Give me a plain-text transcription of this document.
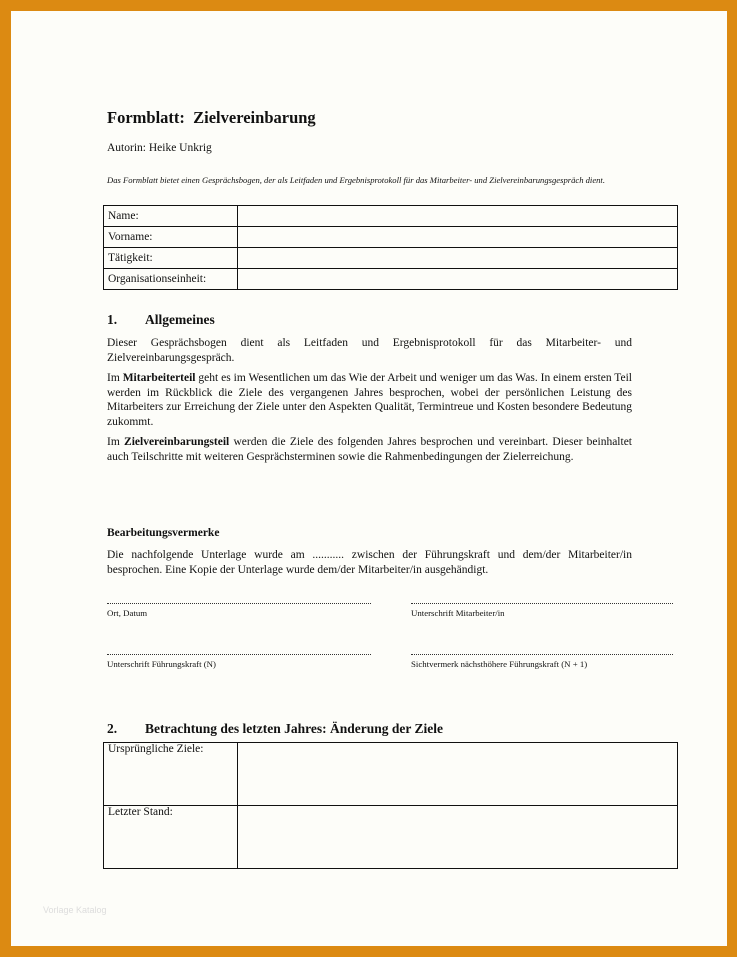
Formblatt:  Zielvereinbarung
Autorin: Heike Unkrig
Das Formblatt bietet einen Gesprächsbogen, der als Leitfaden und Ergebnisprotokoll für das Mitarbeiter- und Zielvereinbarungsgespräch dient.
Name:	
Vorname:	
Tätigkeit:	
Organisationseinheit:	
1. Allgemeines
Dieser Gesprächsbogen dient als Leitfaden und Ergebnisprotokoll für das Mitarbeiter- und Zielvereinbarungsgespräch.
Im Mitarbeiterteil geht es im Wesentlichen um das Wie der Arbeit und weniger um das Was. In einem ersten Teil werden im Rückblick die Ziele des vergangenen Jahres besprochen, wobei der persönlichen Leistung des Mitarbeiters zur Erreichung der Ziele unter den Aspekten Qualität, Termintreue und Kosten besondere Bedeutung zukommt.
Im Zielvereinbarungsteil werden die Ziele des folgenden Jahres besprochen und vereinbart. Dieser beinhaltet auch Teilschritte mit weiteren Gesprächsterminen sowie die Rahmenbedingungen der Zielerreichung.
Bearbeitungsvermerke
Die nachfolgende Unterlage wurde am ........... zwischen der Führungskraft und dem/der Mitarbeiter/in besprochen. Eine Kopie der Unterlage wurde dem/der Mitarbeiter/in ausgehändigt.
Ort, Datum	Unterschrift Mitarbeiter/in
Unterschrift Führungskraft (N)	Sichtvermerk nächsthöhere Führungskraft (N + 1)
2. Betrachtung des letzten Jahres: Änderung der Ziele
Ursprüngliche Ziele:	
Letzter Stand:	
Vorlage Katalog
